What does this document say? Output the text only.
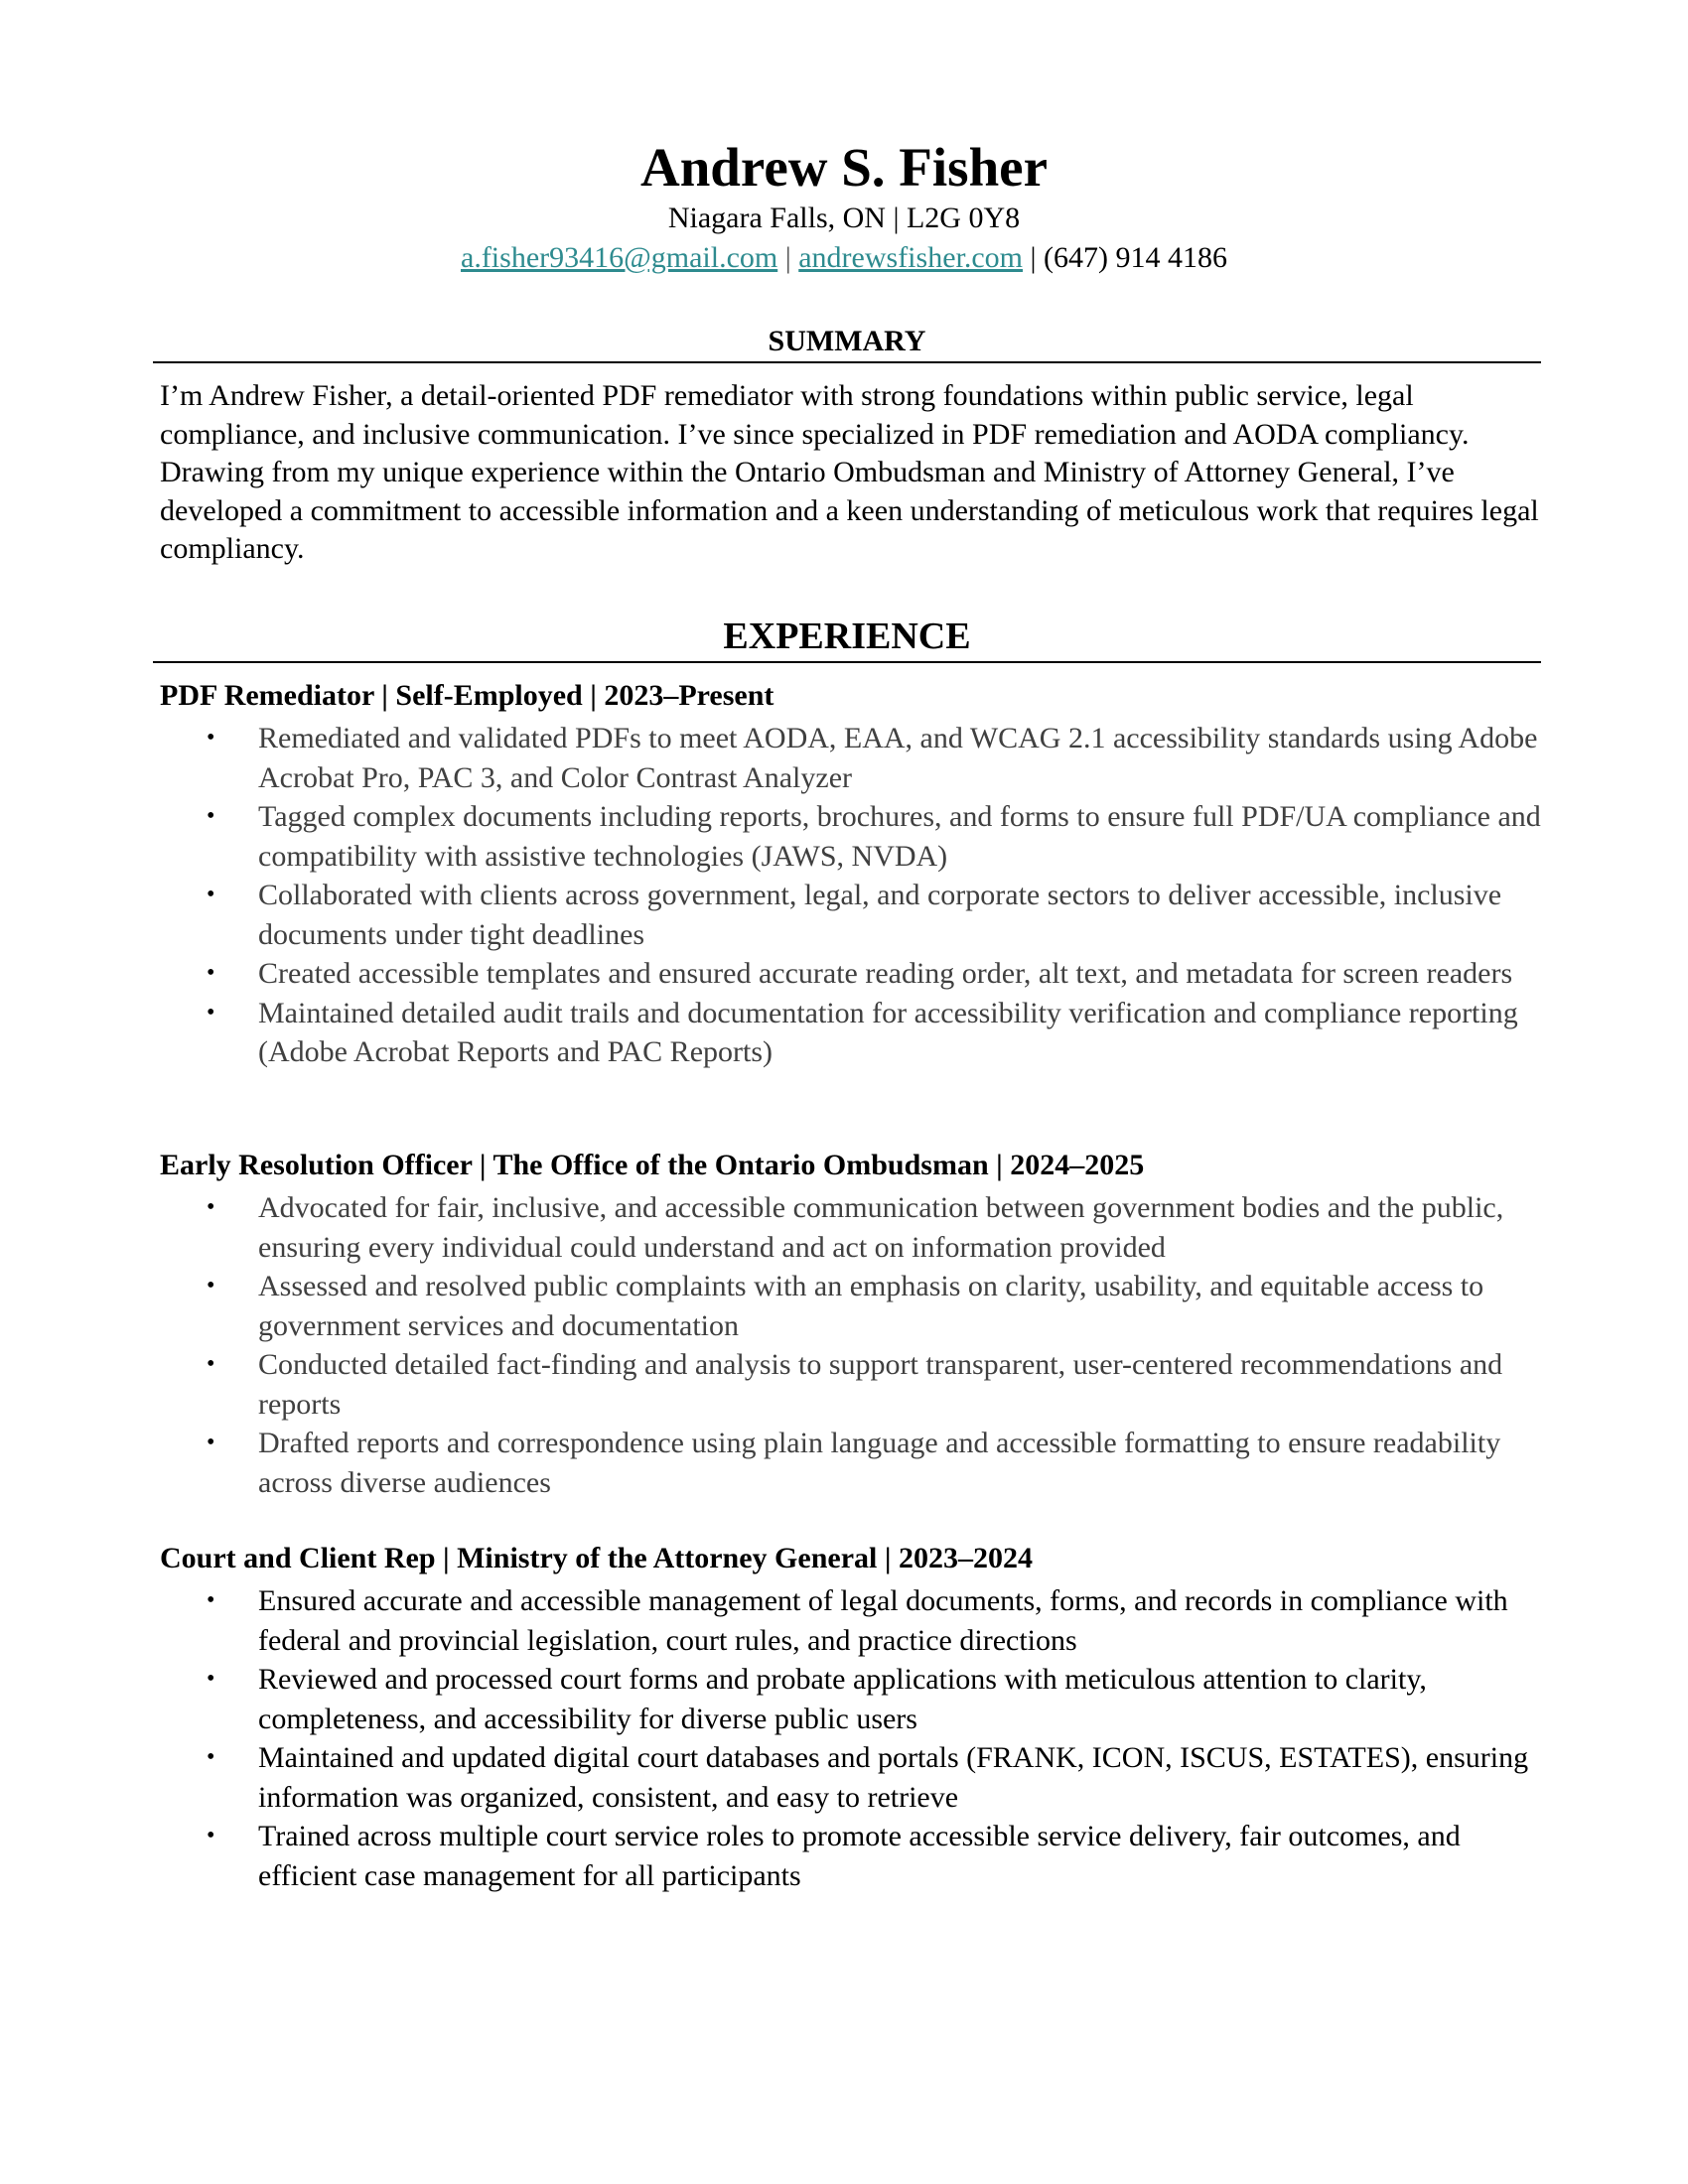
Andrew S. Fisher

Niagara Falls, ON | L2G 0Y8

a.fisher93416@gmail.com | andrewsfisher.com | (647) 914 4186

SUMMARY

I’m Andrew Fisher, a detail-oriented PDF remediator with strong foundations within public service, legal compliance, and inclusive communication. I’ve since specialized in PDF remediation and AODA compliancy. Drawing from my unique experience within the Ontario Ombudsman and Ministry of Attorney General, I’ve developed a commitment to accessible information and a keen understanding of meticulous work that requires legal compliancy.

EXPERIENCE

PDF Remediator | Self-Employed | 2023–Present

• Remediated and validated PDFs to meet AODA, EAA, and WCAG 2.1 accessibility standards using Adobe Acrobat Pro, PAC 3, and Color Contrast Analyzer
• Tagged complex documents including reports, brochures, and forms to ensure full PDF/UA compliance and compatibility with assistive technologies (JAWS, NVDA)
• Collaborated with clients across government, legal, and corporate sectors to deliver accessible, inclusive documents under tight deadlines
• Created accessible templates and ensured accurate reading order, alt text, and metadata for screen readers
• Maintained detailed audit trails and documentation for accessibility verification and compliance reporting (Adobe Acrobat Reports and PAC Reports)

Early Resolution Officer | The Office of the Ontario Ombudsman | 2024–2025

• Advocated for fair, inclusive, and accessible communication between government bodies and the public, ensuring every individual could understand and act on information provided
• Assessed and resolved public complaints with an emphasis on clarity, usability, and equitable access to government services and documentation
• Conducted detailed fact-finding and analysis to support transparent, user-centered recommendations and reports
• Drafted reports and correspondence using plain language and accessible formatting to ensure readability across diverse audiences

Court and Client Rep | Ministry of the Attorney General | 2023–2024

• Ensured accurate and accessible management of legal documents, forms, and records in compliance with federal and provincial legislation, court rules, and practice directions
• Reviewed and processed court forms and probate applications with meticulous attention to clarity, completeness, and accessibility for diverse public users
• Maintained and updated digital court databases and portals (FRANK, ICON, ISCUS, ESTATES), ensuring information was organized, consistent, and easy to retrieve
• Trained across multiple court service roles to promote accessible service delivery, fair outcomes, and efficient case management for all participants
